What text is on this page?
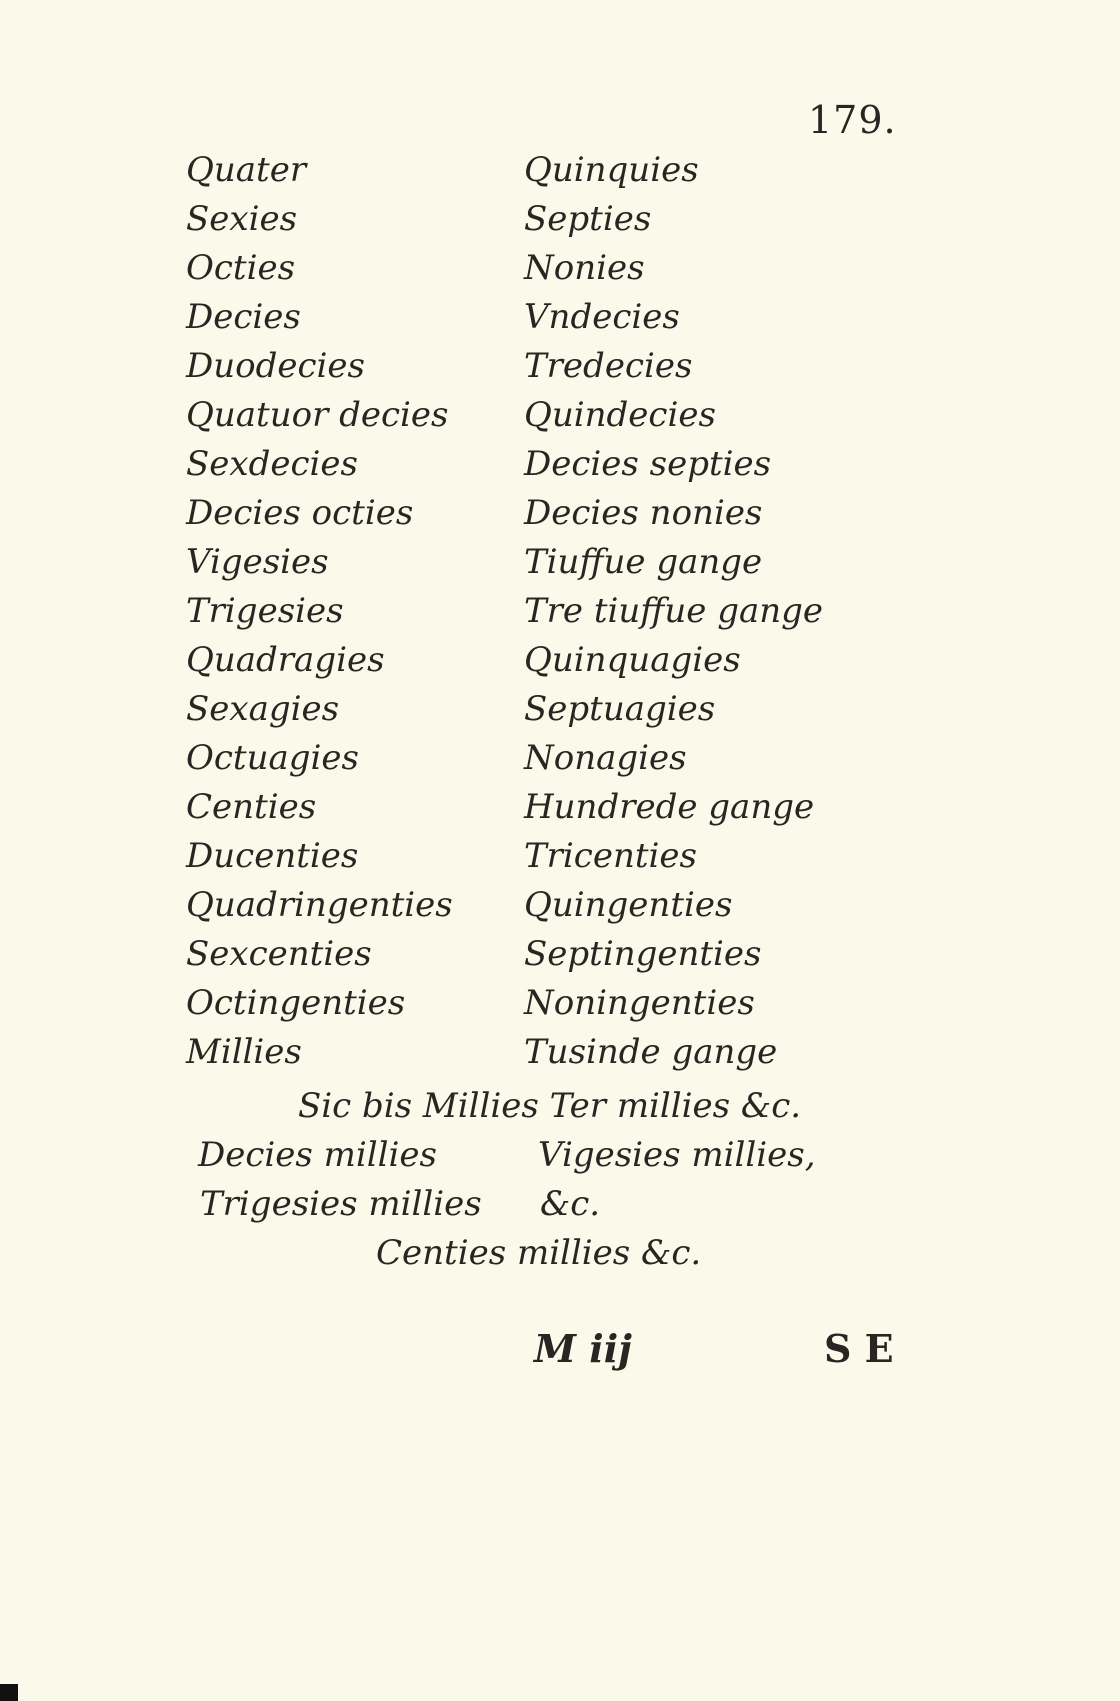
179.
Quater
Sexies
Octies
Decies
Duodecies
Quatuor decies
Sexdecies
Decies octies
Vigesies
Trigesies
Quadragies
Sexagies
Octuagies
Centies
Ducenties
Quadringenties
Sexcenties
Octingenties
Millies
Quinquies
Septies
Nonies
Vndecies
Tredecies
Quindecies
Decies septies
Decies nonies
Tiuffue gange
Tre tiuffue gange
Quinquagies
Septuagies
Nonagies
Hundrede gange
Tricenties
Quingenties
Septingenties
Noningenties
Tusinde gange
Sic bis Millies Ter millies &c.
Decies millies	Vigesies millies,
Trigesies millies &c.
Centies millies &c.
M iij	S E
